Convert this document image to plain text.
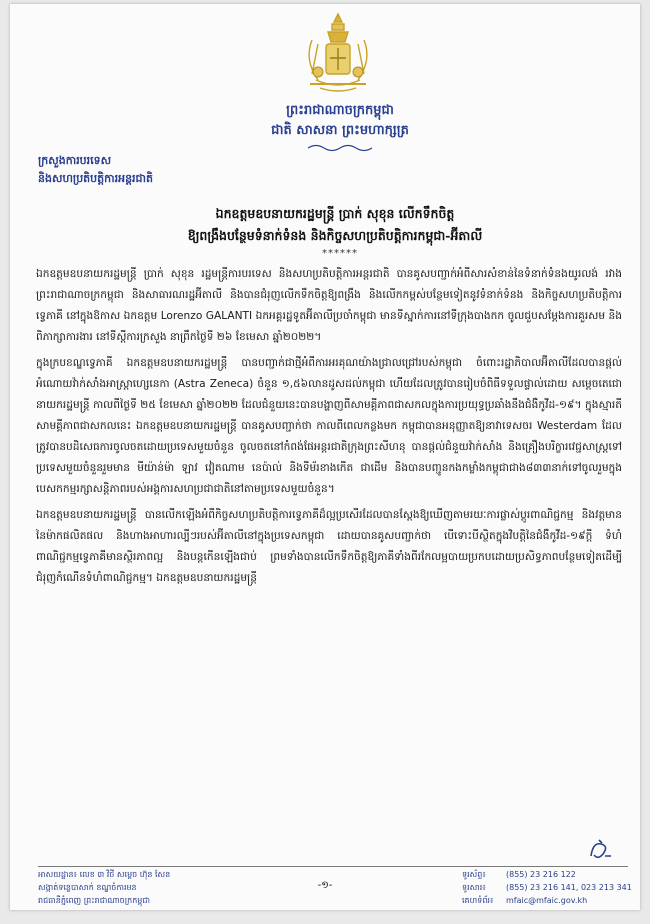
ព្រះរាជាណាចក្រកម្ពុជា
ជាតិ សាសនា ព្រះមហាក្សត្រ
ក្រសួងការបរទេស
និងសហប្រតិបត្តិការអន្តរជាតិ
ឯកឧត្តមឧបនាយករដ្ឋមន្ត្រី ប្រាក់ សុខុន លើកទឹកចិត្ត
ឱ្យពង្រឹងបន្ថែមទំនាក់ទំនង និងកិច្ចសហប្រតិបត្តិការកម្ពុជា-អ៊ីតាលី
******

ឯកឧត្តមឧបនាយករដ្ឋមន្ត្រី ប្រាក់ សុខុន រដ្ឋមន្ត្រីការបរទេស និងសហប្រតិបត្តិការអន្តរជាតិ បានគូសបញ្ជាក់អំពីសារសំខាន់នៃទំនាក់ទំនងយូរលង់ រវាងព្រះរាជាណាចក្រកម្ពុជា និងសាធារណរដ្ឋអ៊ីតាលី និងបានជំរុញលើកទឹកចិត្តឱ្យពង្រឹង និងលើកកម្ពស់បន្ថែមទៀតនូវទំនាក់ទំនង និងកិច្ចសហប្រតិបត្តិការទ្វេភាគី នៅក្នុងឱកាស ឯកឧត្តម Lorenzo GALANTI ឯកអគ្គរដ្ឋទូតអ៊ីតាលីប្រចាំកម្ពុជា មានទីស្នាក់ការនៅទីក្រុងបាងកក ចូលជួបសម្តែងការគួរសម និងពិភាក្សាការងារ នៅទីស្តីការក្រសួង នាព្រឹកថ្ងៃទី ២៦ ខែមេសា ឆ្នាំ២០២២។

ក្នុងក្របខណ្ឌទ្វេភាគី ឯកឧត្តមឧបនាយករដ្ឋមន្ត្រី បានបញ្ជាក់ជាថ្មីអំពីការអរគុណយ៉ាងជ្រាលជ្រៅរបស់កម្ពុជា ចំពោះរដ្ឋាភិបាលអ៊ីតាលីដែលបានផ្តល់អំណោយវ៉ាក់សាំងអាស្ត្រាហ្សេនេកា (Astra Zeneca) ចំនួន ១,៥៦លានដូសដល់កម្ពុជា ហើយដែលត្រូវបានរៀបចំពិធីទទួលផ្ទាល់ដោយ សម្តេចតេជោនាយករដ្ឋមន្ត្រី កាលពីថ្ងៃទី ២៥ ខែមេសា ឆ្នាំ២០២២ ដែលជំនួយនេះបានបង្ហាញពីសាមគ្គីភាពជាសកលក្នុងការប្រយុទ្ធប្រឆាំងនឹងជំងឺកូវីដ-១៩។ ក្នុងស្មារតីសាមគ្គីភាពជាសកលនេះ ឯកឧត្តមឧបនាយករដ្ឋមន្ត្រី បានគូសបញ្ជាក់ថា កាលពីពេលកន្លងមក កម្ពុជាបានអនុញ្ញាតឱ្យនាវាទេសចរ Westerdam ដែលត្រូវបានបដិសេធការចូលចតដោយប្រទេសមួយចំនួន ចូលចតនៅកំពង់ផែអន្តរជាតិក្រុងព្រះសីហនុ បានផ្តល់ជំនួយវ៉ាក់សាំង និងគ្រឿងបរិក្ខារវេជ្ជសាស្ត្រទៅប្រទេសមួយចំនួនរួមមាន មីយ៉ាន់ម៉ា ឡាវ វៀតណាម នេប៉ាល់ និងទីម័រខាងកើត ជាដើម និងបានបញ្ជូនកងកម្លាំងកម្ពុជាជាង៨៣៣នាក់ទៅចូលរួមក្នុងបេសកកម្មរក្សាសន្តិភាពរបស់អង្គការសហប្រជាជាតិនៅតាមប្រទេសមួយចំនួន។

ឯកឧត្តមឧបនាយករដ្ឋមន្ត្រី បានលើកឡើងអំពីកិច្ចសហប្រតិបត្តិការទ្វេភាគីដ៏ល្អប្រសើរដែលបានស្តែងឱ្យឃើញតាមរយៈការផ្លាស់ប្តូរពាណិជ្ជកម្ម និងវត្តមាននៃម៉ាកផលិតផល និងហាងអាហារល្បីៗរបស់អ៊ីតាលីនៅក្នុងប្រទេសកម្ពុជា ដោយបានគូសបញ្ជាក់ថា បើទោះបីស្ថិតក្នុងវិបត្តិនៃជំងឺកូវីដ-១៩ក្តី ទំហំពាណិជ្ជកម្មទ្វេភាគីមានស្ថិរភាពល្អ និងបន្តកើនឡើងជាប់ ព្រមទាំងបានលើកទឹកចិត្តឱ្យភាគីទាំងពីរកែលម្អបាយប្រកបដោយប្រសិទ្ធភាពបន្ថែមទៀតដើម្បីជំរុញកំណើនទំហំពាណិជ្ជកម្ម។ ឯកឧត្តមឧបនាយករដ្ឋមន្ត្រី

អាសយដ្ឋាន៖ លេខ ៣ វិថី សម្តេច ហ៊ុន សែន
សង្កាត់ទន្លេបាសាក់ ខណ្ឌចំការមន
រាជធានីភ្នំពេញ ព្រះរាជាណាចក្រកម្ពុជា
-១-
ទូរស័ព្ទ៖	(855) 23 216 122
ទូរសារ៖	(855) 23 216 141, 023 213 341
គេហទំព័រ៖ mfaic@mfaic.gov.kh
